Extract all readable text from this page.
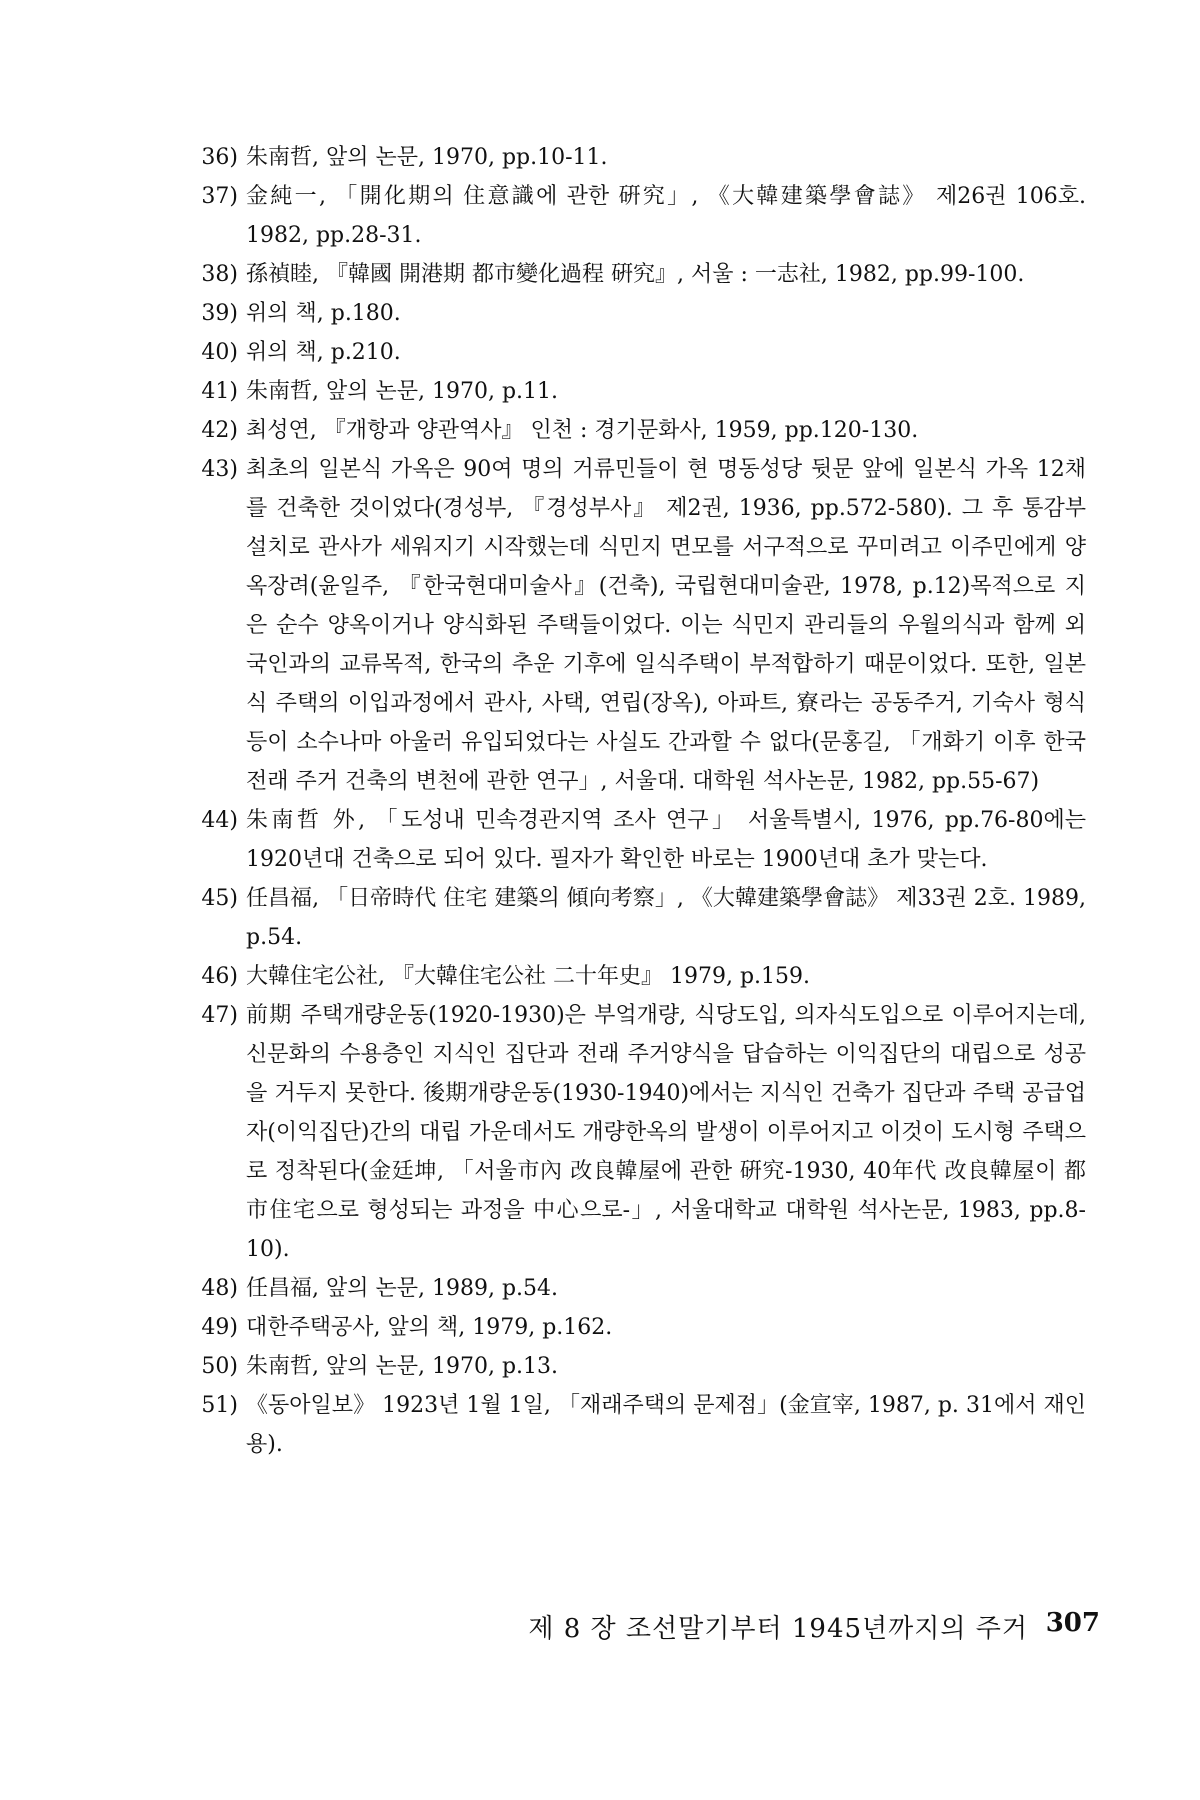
36) 朱南哲, 앞의 논문, 1970, pp.10-11.
37) 金純一, 「開化期의 住意識에 관한 硏究」, 《大韓建築學會誌》 제26권 106호. 1982, pp.28-31.
38) 孫禎睦, 『韓國 開港期 都市變化過程 硏究』, 서울 : 一志社, 1982, pp.99-100.
39) 위의 책, p.180.
40) 위의 책, p.210.
41) 朱南哲, 앞의 논문, 1970, p.11.
42) 최성연, 『개항과 양관역사』 인천 : 경기문화사, 1959, pp.120-130.
43) 최초의 일본식 가옥은 90여 명의 거류민들이 현 명동성당 뒷문 앞에 일본식 가옥 12채를 건축한 것이었다(경성부, 『경성부사』 제2권, 1936, pp.572-580). 그 후 통감부 설치로 관사가 세워지기 시작했는데 식민지 면모를 서구적으로 꾸미려고 이주민에게 양옥장려(윤일주, 『한국현대미술사』(건축), 국립현대미술관, 1978, p.12)목적으로 지은 순수 양옥이거나 양식화된 주택들이었다. 이는 식민지 관리들의 우월의식과 함께 외국인과의 교류목적, 한국의 추운 기후에 일식주택이 부적합하기 때문이었다. 또한, 일본식 주택의 이입과정에서 관사, 사택, 연립(장옥), 아파트, 寮라는 공동주거, 기숙사 형식 등이 소수나마 아울러 유입되었다는 사실도 간과할 수 없다(문홍길, 「개화기 이후 한국 전래 주거 건축의 변천에 관한 연구」, 서울대. 대학원 석사논문, 1982, pp.55-67)
44) 朱南哲 外, 「도성내 민속경관지역 조사 연구」 서울특별시, 1976, pp.76-80에는 1920년대 건축으로 되어 있다. 필자가 확인한 바로는 1900년대 초가 맞는다.
45) 任昌福, 「日帝時代 住宅 建築의 傾向考察」, 《大韓建築學會誌》 제33권 2호. 1989, p.54.
46) 大韓住宅公社, 『大韓住宅公社 二十年史』 1979, p.159.
47) 前期 주택개량운동(1920-1930)은 부엌개량, 식당도입, 의자식도입으로 이루어지는데, 신문화의 수용층인 지식인 집단과 전래 주거양식을 답습하는 이익집단의 대립으로 성공을 거두지 못한다. 後期개량운동(1930-1940)에서는 지식인 건축가 집단과 주택 공급업자(이익집단)간의 대립 가운데서도 개량한옥의 발생이 이루어지고 이것이 도시형 주택으로 정착된다(金廷坤, 「서울市內 改良韓屋에 관한 硏究-1930, 40年代 改良韓屋이 都市住宅으로 형성되는 과정을 中心으로-」, 서울대학교 대학원 석사논문, 1983, pp.8-10).
48) 任昌福, 앞의 논문, 1989, p.54.
49) 대한주택공사, 앞의 책, 1979, p.162.
50) 朱南哲, 앞의 논문, 1970, p.13.
51) 《동아일보》 1923년 1월 1일, 「재래주택의 문제점」(金宣宰, 1987, p. 31에서 재인용).
제 8 장 조선말기부터 1945년까지의 주거 307
